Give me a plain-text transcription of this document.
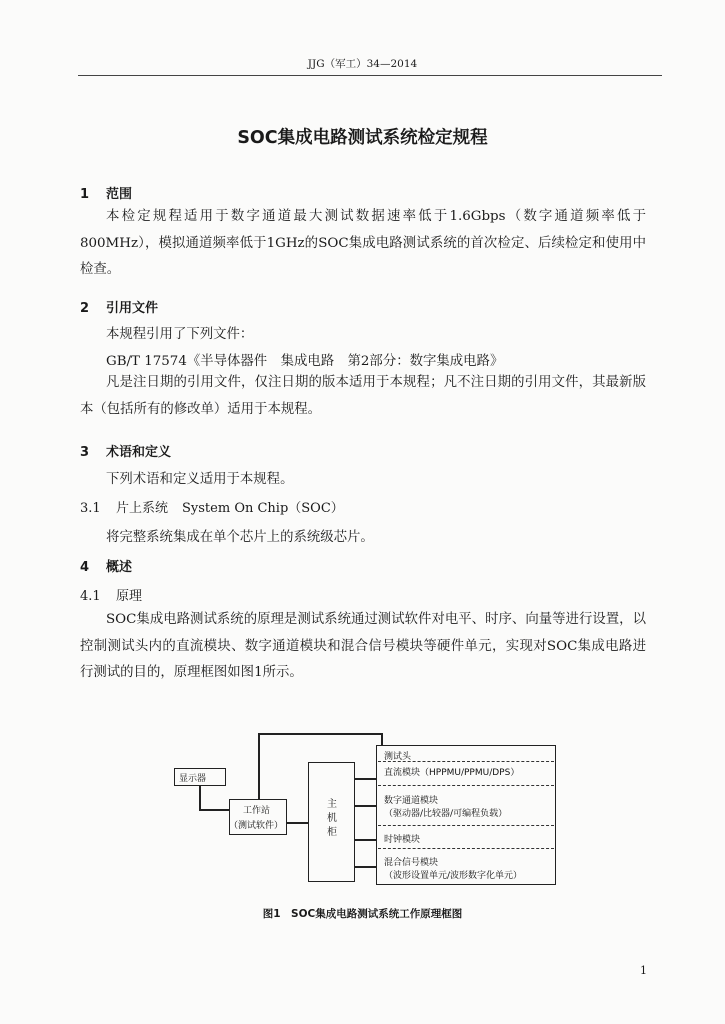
JJG（军工）34—2014
SOC集成电路测试系统检定规程
1 范围
本检定规程适用于数字通道最大测试数据速率低于1.6Gbps（数字通道频率低于800MHz），模拟通道频率低于1GHz的SOC集成电路测试系统的首次检定、后续检定和使用中检查。
2 引用文件
本规程引用了下列文件：
GB/T 17574《半导体器件　集成电路　第2部分：数字集成电路》
凡是注日期的引用文件，仅注日期的版本适用于本规程；凡不注日期的引用文件，其最新版本（包括所有的修改单）适用于本规程。
3 术语和定义
下列术语和定义适用于本规程。
3.1 片上系统 System On Chip（SOC）
将完整系统集成在单个芯片上的系统级芯片。
4 概述
4.1 原理
SOC集成电路测试系统的原理是测试系统通过测试软件对电平、时序、向量等进行设置，以控制测试头内的直流模块、数字通道模块和混合信号模块等硬件单元，实现对SOC集成电路进行测试的目的，原理框图如图1所示。
显示器
工作站
（测试软件）
主机柜
测试头
直流模块（HPPMU/PPMU/DPS）
数字通道模块
（驱动器/比较器/可编程负载）
时钟模块
混合信号模块
（波形设置单元/波形数字化单元）
图1　SOC集成电路测试系统工作原理框图
1
